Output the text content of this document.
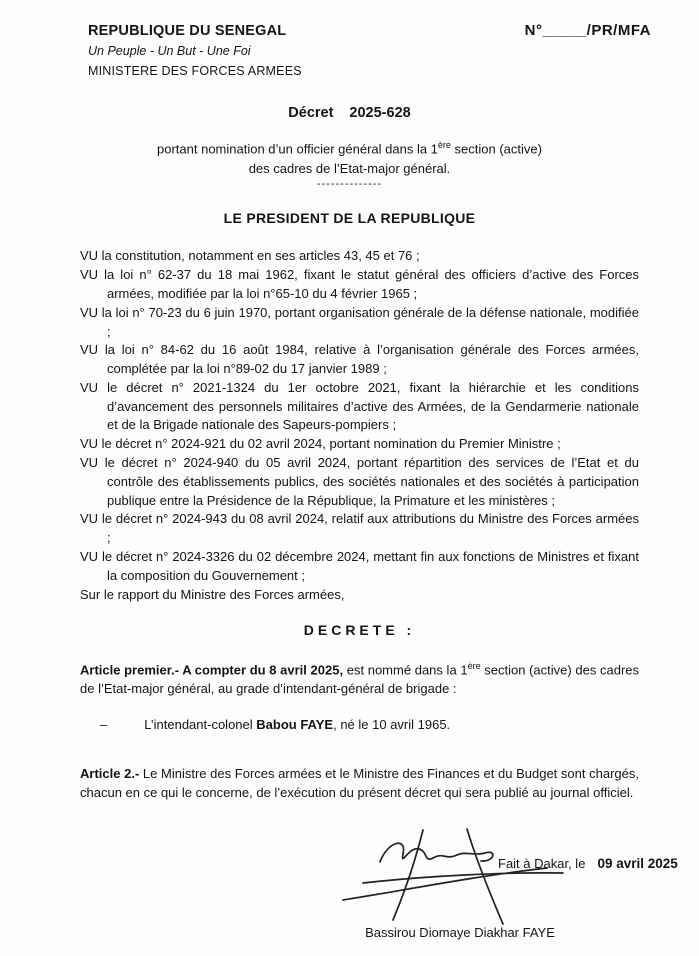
REPUBLIQUE DU SENEGAL
Un Peuple - Un But - Une Foi
MINISTERE DES FORCES ARMEES
N°_____/PR/MFA
Décret 2025-628
portant nomination d’un officier général dans la 1ère section (active)
des cadres de l’Etat-major général.
--------------
LE PRESIDENT DE LA REPUBLIQUE

VU la constitution, notamment en ses articles 43, 45 et 76 ;

VU la loi n° 62-37 du 18 mai 1962, fixant le statut général des officiers d’active des Forces armées, modifiée par la loi n°65-10 du 4 février 1965 ;

VU la loi n° 70-23 du 6 juin 1970, portant organisation générale de la défense nationale, modifiée ;

VU la loi n° 84-62 du 16 août 1984, relative à l’organisation générale des Forces armées, complétée par la loi n°89-02 du 17 janvier 1989 ;

VU le décret n° 2021-1324 du 1er octobre 2021, fixant la hiérarchie et les conditions d’avancement des personnels militaires d’active des Armées, de la Gendarmerie nationale et de la Brigade nationale des Sapeurs-pompiers ;

VU le décret n° 2024-921 du 02 avril 2024, portant nomination du Premier Ministre ;

VU le décret n° 2024-940 du 05 avril 2024, portant répartition des services de l’Etat et du contrôle des établissements publics, des sociétés nationales et des sociétés à participation publique entre la Présidence de la République, la Primature et les ministères ;

VU le décret n° 2024-943 du 08 avril 2024, relatif aux attributions du Ministre des Forces armées ;

VU le décret n° 2024-3326 du 02 décembre 2024, mettant fin aux fonctions de Ministres et fixant la composition du Gouvernement ;

Sur le rapport du Ministre des Forces armées,

DECRETE :

Article premier.- A compter du 8 avril 2025, est nommé dans la 1ère section (active) des cadres de l’Etat-major général, au grade d’intendant-général de brigade :

–	L’intendant-colonel Babou FAYE, né le 10 avril 1965.

Article 2.- Le Ministre des Forces armées et le Ministre des Finances et du Budget sont chargés, chacun en ce qui le concerne, de l’exécution du présent décret qui sera publié au journal officiel.

Fait à Dakar, le 09 avril 2025

Bassirou Diomaye Diakhar FAYE
